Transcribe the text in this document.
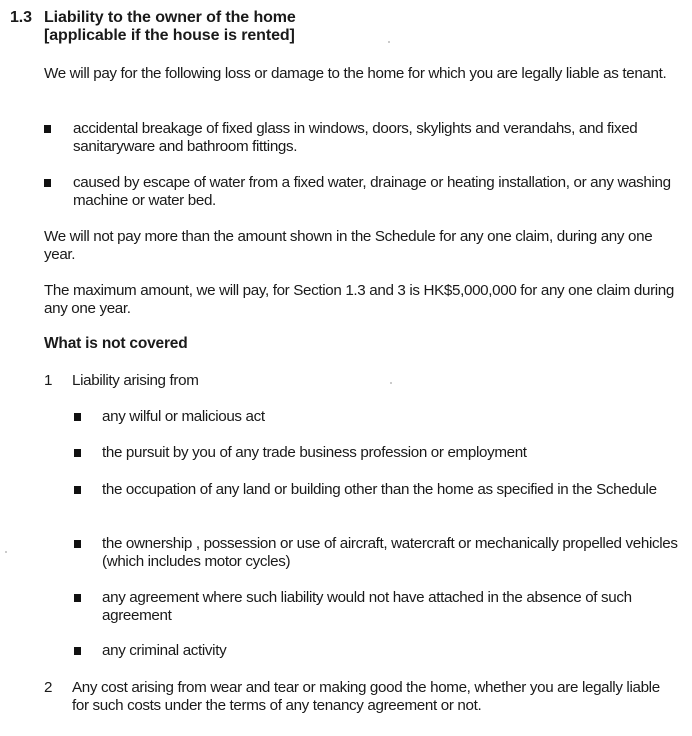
1.3 Liability to the owner of the home
[applicable if the house is rented]
We will pay for the following loss or damage to the home for which you are legally liable as tenant.
accidental breakage of fixed glass in windows, doors, skylights and verandahs, and fixed sanitaryware and bathroom fittings.
caused by escape of water from a fixed water, drainage or heating installation, or any washing machine or water bed.
We will not pay more than the amount shown in the Schedule for any one claim, during any one year.
The maximum amount, we will pay, for Section 1.3 and 3 is HK$5,000,000 for any one claim during any one year.
What is not covered
1 Liability arising from
any wilful or malicious act
the pursuit by you of any trade business profession or employment
the occupation of any land or building other than the home as specified in the Schedule
the ownership , possession or use of aircraft, watercraft or mechanically propelled vehicles (which includes motor cycles)
any agreement where such liability would not have attached in the absence of such agreement
any criminal activity
2 Any cost arising from wear and tear or making good the home, whether you are legally liable for such costs under the terms of any tenancy agreement or not.
